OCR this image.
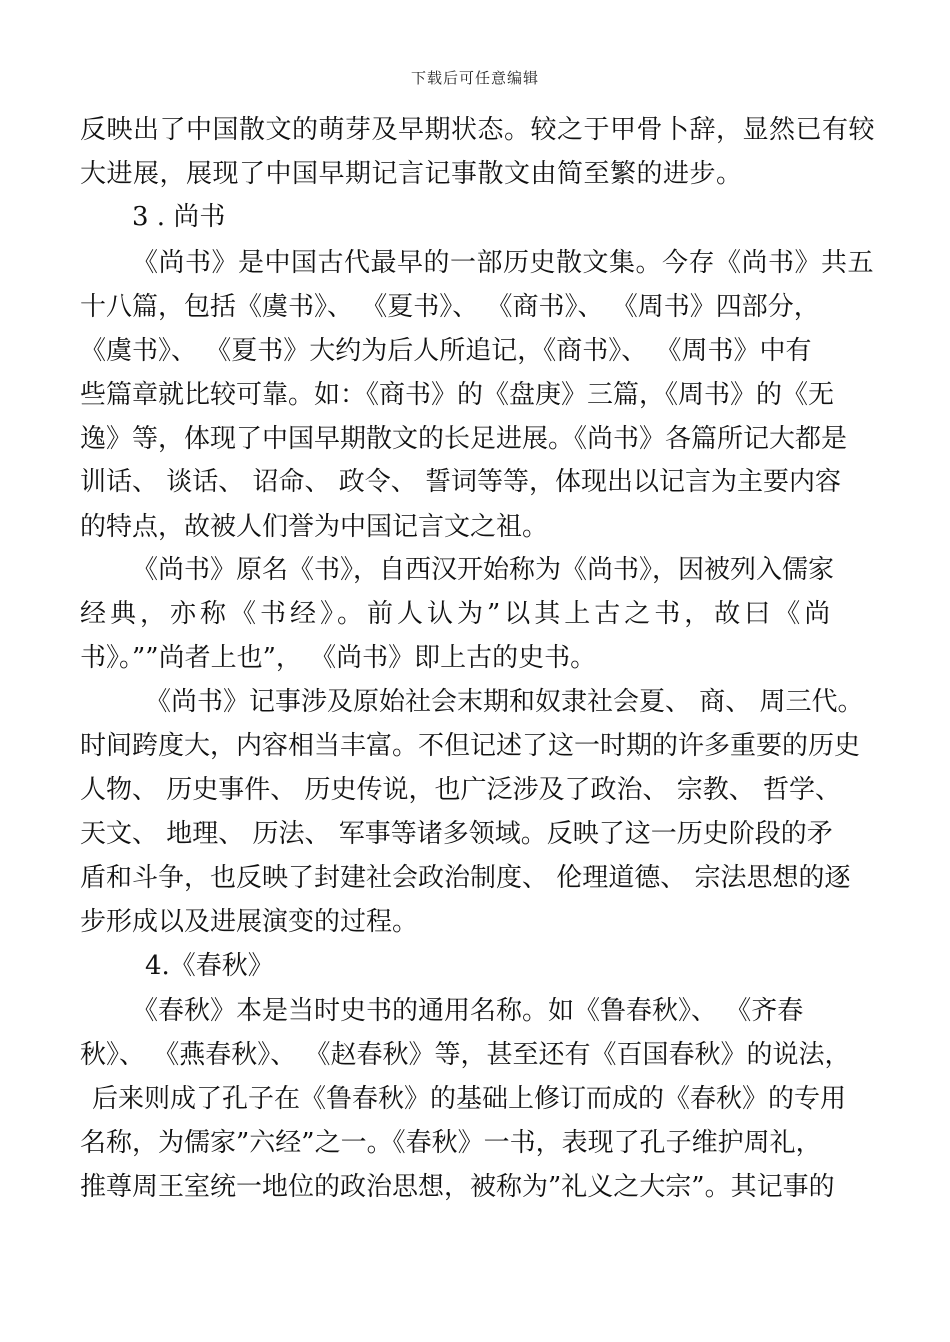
下载后可任意编辑
反映出了中国散文的萌芽及早期状态。较之于甲骨卜辞，显然已有较
大进展，展现了中国早期记言记事散文由简至繁的进步。
3 . 尚书
《尚书》是中国古代最早的一部历史散文集。今存《尚书》共五
十八篇，包括《虞书》、 《夏书》、 《商书》、 《周书》四部分，
《虞书》、 《夏书》大约为后人所追记，《商书》、 《周书》中有
些篇章就比较可靠。如：《商书》的《盘庚》三篇，《周书》的《无
逸》等，体现了中国早期散文的长足进展。《尚书》各篇所记大都是
训话、 谈话、 诏命、 政令、 誓词等等，体现出以记言为主要内容
的特点，故被人们誉为中国记言文之祖。
《尚书》原名《书》，自西汉开始称为《尚书》，因被列入儒家
经典，亦称《书经》。前人认为”以其上古之书，故曰《尚
书》。””尚者上也”， 《尚书》即上古的史书。
《尚书》记事涉及原始社会末期和奴隶社会夏、 商、 周三代。
时间跨度大，内容相当丰富。不但记述了这一时期的许多重要的历史
人物、 历史事件、 历史传说，也广泛涉及了政治、 宗教、 哲学、
天文、 地理、 历法、 军事等诸多领域。反映了这一历史阶段的矛
盾和斗争，也反映了封建社会政治制度、 伦理道德、 宗法思想的逐
步形成以及进展演变的过程。
4.《春秋》
《春秋》本是当时史书的通用名称。如《鲁春秋》、 《齐春
秋》、 《燕春秋》、 《赵春秋》等，甚至还有《百国春秋》的说法，
后来则成了孔子在《鲁春秋》的基础上修订而成的《春秋》的专用
名称，为儒家”六经”之一。《春秋》一书，表现了孔子维护周礼，
推尊周王室统一地位的政治思想，被称为”礼义之大宗”。其记事的
